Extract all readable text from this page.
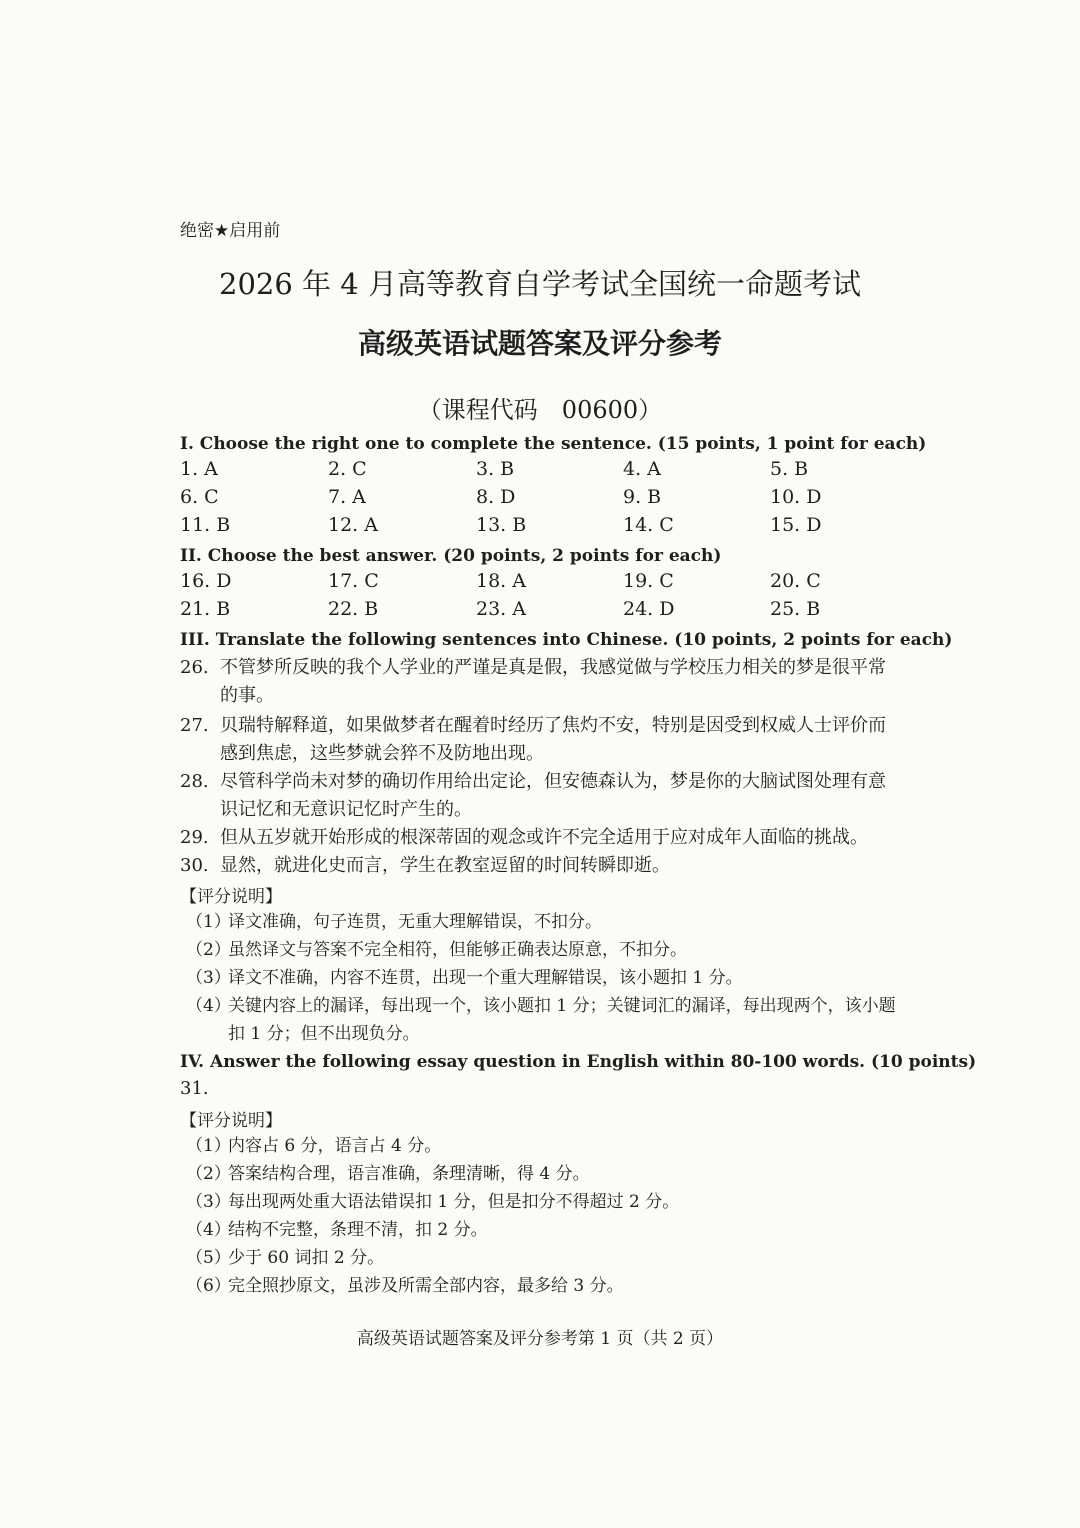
绝密★启用前
2026 年 4 月高等教育自学考试全国统一命题考试
高级英语试题答案及评分参考
（课程代码　00600）
I. Choose the right one to complete the sentence. (15 points, 1 point for each)
1. A	2. C	3. B	4. A	5. B
6. C	7. A	8. D	9. B	10. D
11. B	12. A	13. B	14. C	15. D
II. Choose the best answer. (20 points, 2 points for each)
16. D	17. C	18. A	19. C	20. C
21. B	22. B	23. A	24. D	25. B
III. Translate the following sentences into Chinese. (10 points, 2 points for each)
26. 不管梦所反映的我个人学业的严谨是真是假，我感觉做与学校压力相关的梦是很平常的事。
27. 贝瑞特解释道，如果做梦者在醒着时经历了焦灼不安，特别是因受到权威人士评价而感到焦虑，这些梦就会猝不及防地出现。
28. 尽管科学尚未对梦的确切作用给出定论，但安德森认为，梦是你的大脑试图处理有意识记忆和无意识记忆时产生的。
29. 但从五岁就开始形成的根深蒂固的观念或许不完全适用于应对成年人面临的挑战。
30. 显然，就进化史而言，学生在教室逗留的时间转瞬即逝。
【评分说明】
（1）
译文准确，句子连贯，无重大理解错误，不扣分。
（2）
虽然译文与答案不完全相符，但能够正确表达原意，不扣分。
（3）
译文不准确，内容不连贯，出现一个重大理解错误，该小题扣 1 分。
（4）
关键内容上的漏译，每出现一个，该小题扣 1 分；关键词汇的漏译，每出现两个，该小题扣 1 分；但不出现负分。
IV. Answer the following essay question in English within 80-100 words. (10 points)
31.
【评分说明】
（1）
内容占 6 分，语言占 4 分。
（2）
答案结构合理，语言准确，条理清晰，得 4 分。
（3）
每出现两处重大语法错误扣 1 分，但是扣分不得超过 2 分。
（4）
结构不完整，条理不清，扣 2 分。
（5）
少于 60 词扣 2 分。
（6）
完全照抄原文，虽涉及所需全部内容，最多给 3 分。
高级英语试题答案及评分参考第 1 页（共 2 页）
